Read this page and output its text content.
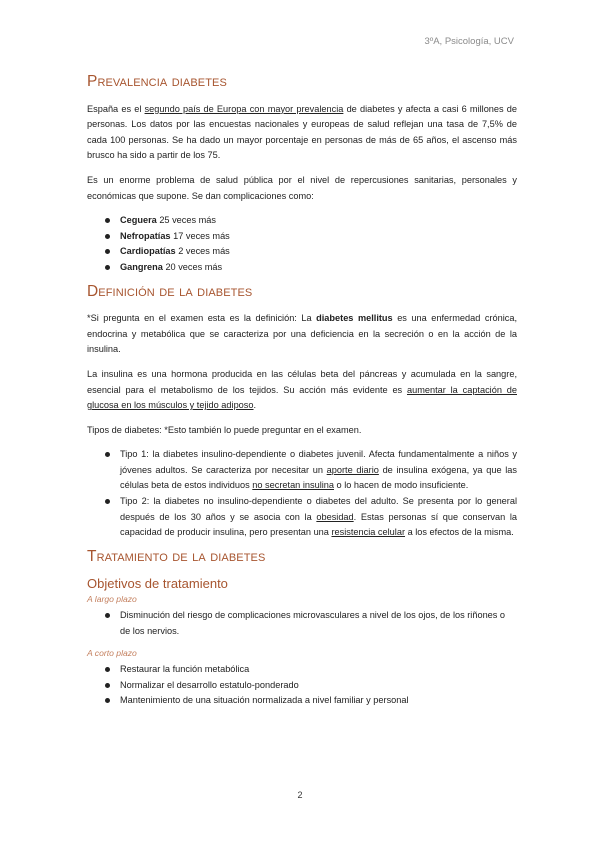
3ºA, Psicología, UCV
Prevalencia diabetes

España es el segundo país de Europa con mayor prevalencia de diabetes y afecta a casi 6 millones de personas. Los datos por las encuestas nacionales y europeas de salud reflejan una tasa de 7,5% de cada 100 personas. Se ha dado un mayor porcentaje en personas de más de 65 años, el ascenso más brusco ha sido a partir de los 75.

Es un enorme problema de salud pública por el nivel de repercusiones sanitarias, personales y económicas que supone. Se dan complicaciones como:

Ceguera 25 veces más
Nefropatías 17 veces más
Cardiopatías 2 veces más
Gangrena 20 veces más
Definición de la diabetes

*Si pregunta en el examen esta es la definición: La diabetes mellitus es una enfermedad crónica, endocrina y metabólica que se caracteriza por una deficiencia en la secreción o en la acción de la insulina.

La insulina es una hormona producida en las células beta del páncreas y acumulada en la sangre, esencial para el metabolismo de los tejidos. Su acción más evidente es aumentar la captación de glucosa en los músculos y tejido adiposo.

Tipos de diabetes: *Esto también lo puede preguntar en el examen.

Tipo 1: la diabetes insulino-dependiente o diabetes juvenil. Afecta fundamentalmente a niños y jóvenes adultos. Se caracteriza por necesitar un aporte diario de insulina exógena, ya que las células beta de estos individuos no secretan insulina o lo hacen de modo insuficiente.
Tipo 2: la diabetes no insulino-dependiente o diabetes del adulto. Se presenta por lo general después de los 30 años y se asocia con la obesidad. Estas personas sí que conservan la capacidad de producir insulina, pero presentan una resistencia celular a los efectos de la misma.
Tratamiento de la diabetes
Objetivos de tratamiento
A largo plazo
Disminución del riesgo de complicaciones microvasculares a nivel de los ojos, de los riñones o de los nervios.
A corto plazo
Restaurar la función metabólica
Normalizar el desarrollo estatulo-ponderado
Mantenimiento de una situación normalizada a nivel familiar y personal
2
